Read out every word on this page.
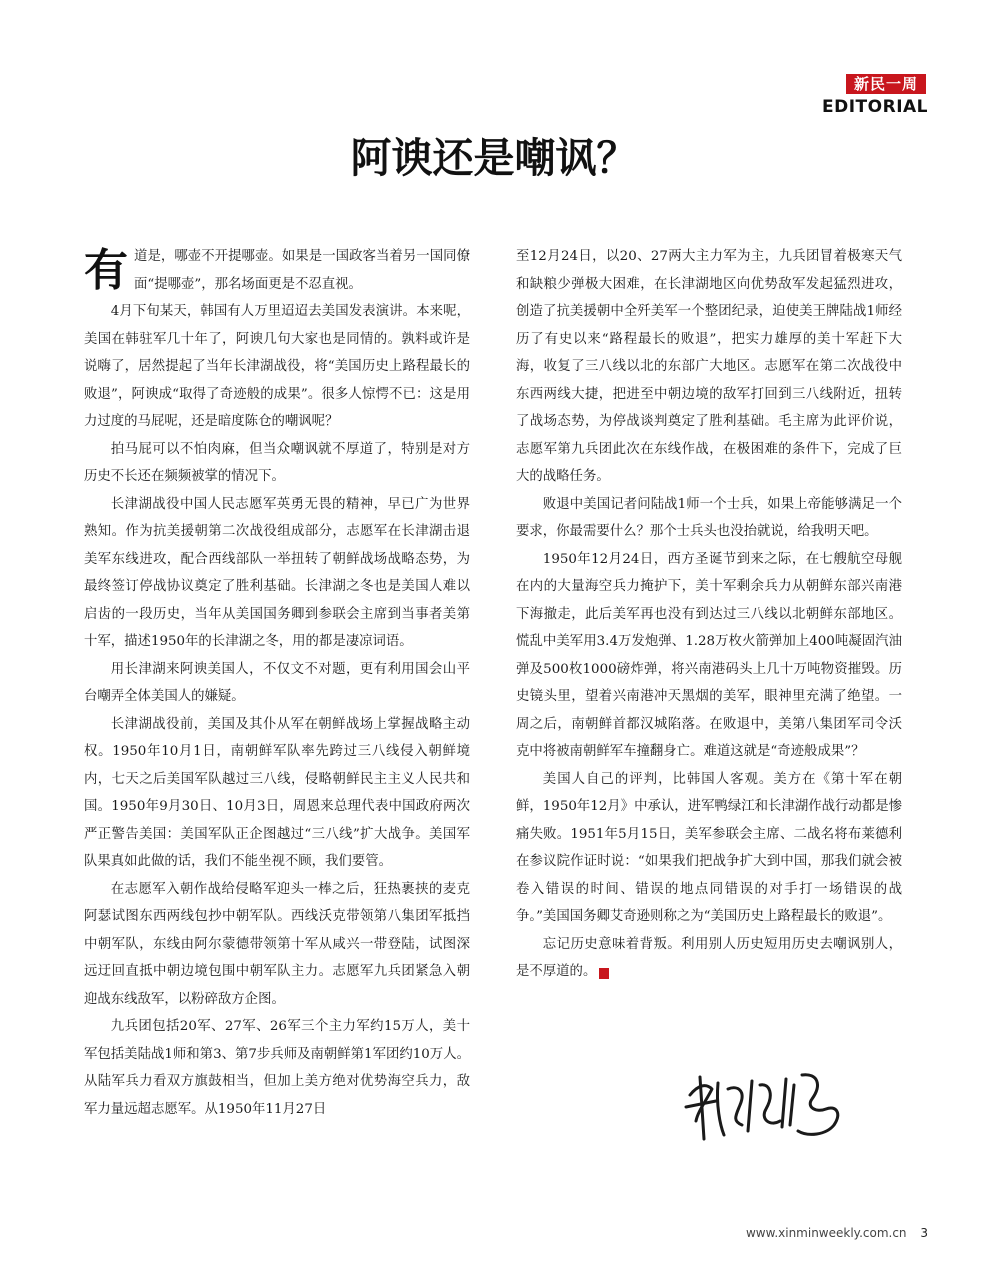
新民一周
EDITORIAL
阿谀还是嘲讽？

有道是，哪壶不开提哪壶。如果是一国政客当着另一国同僚面“提哪壶”，那名场面更是不忍直视。

4月下旬某天，韩国有人万里迢迢去美国发表演讲。本来呢，美国在韩驻军几十年了，阿谀几句大家也是同情的。孰料或许是说嗨了，居然提起了当年长津湖战役，将“美国历史上路程最长的败退”，阿谀成“取得了奇迹般的成果”。很多人惊愕不已：这是用力过度的马屁呢，还是暗度陈仓的嘲讽呢？

拍马屁可以不怕肉麻，但当众嘲讽就不厚道了，特别是对方历史不长还在频频被掌的情况下。

长津湖战役中国人民志愿军英勇无畏的精神，早已广为世界熟知。作为抗美援朝第二次战役组成部分，志愿军在长津湖击退美军东线进攻，配合西线部队一举扭转了朝鲜战场战略态势，为最终签订停战协议奠定了胜利基础。长津湖之冬也是美国人难以启齿的一段历史，当年从美国国务卿到参联会主席到当事者美第十军，描述1950年的长津湖之冬，用的都是凄凉词语。

用长津湖来阿谀美国人，不仅文不对题，更有利用国会山平台嘲弄全体美国人的嫌疑。

长津湖战役前，美国及其仆从军在朝鲜战场上掌握战略主动权。1950年10月1日，南朝鲜军队率先跨过三八线侵入朝鲜境内，七天之后美国军队越过三八线，侵略朝鲜民主主义人民共和国。1950年9月30日、10月3日，周恩来总理代表中国政府两次严正警告美国：美国军队正企图越过“三八线”扩大战争。美国军队果真如此做的话，我们不能坐视不顾，我们要管。

在志愿军入朝作战给侵略军迎头一棒之后，狂热裹挟的麦克阿瑟试图东西两线包抄中朝军队。西线沃克带领第八集团军抵挡中朝军队，东线由阿尔蒙德带领第十军从咸兴一带登陆，试图深远迂回直抵中朝边境包围中朝军队主力。志愿军九兵团紧急入朝迎战东线敌军，以粉碎敌方企图。

九兵团包括20军、27军、26军三个主力军约15万人，美十军包括美陆战1师和第3、第7步兵师及南朝鲜第1军团约10万人。从陆军兵力看双方旗鼓相当，但加上美方绝对优势海空兵力，敌军力量远超志愿军。从1950年11月27日

至12月24日，以20、27两大主力军为主，九兵团冒着极寒天气和缺粮少弹极大困难，在长津湖地区向优势敌军发起猛烈进攻，创造了抗美援朝中全歼美军一个整团纪录，迫使美王牌陆战1师经历了有史以来“路程最长的败退”，把实力雄厚的美十军赶下大海，收复了三八线以北的东部广大地区。志愿军在第二次战役中东西两线大捷，把进至中朝边境的敌军打回到三八线附近，扭转了战场态势，为停战谈判奠定了胜利基础。毛主席为此评价说，志愿军第九兵团此次在东线作战，在极困难的条件下，完成了巨大的战略任务。

败退中美国记者问陆战1师一个士兵，如果上帝能够满足一个要求，你最需要什么？那个士兵头也没抬就说，给我明天吧。

1950年12月24日，西方圣诞节到来之际，在七艘航空母舰在内的大量海空兵力掩护下，美十军剩余兵力从朝鲜东部兴南港下海撤走，此后美军再也没有到达过三八线以北朝鲜东部地区。慌乱中美军用3.4万发炮弹、1.28万枚火箭弹加上400吨凝固汽油弹及500枚1000磅炸弹，将兴南港码头上几十万吨物资摧毁。历史镜头里，望着兴南港冲天黑烟的美军，眼神里充满了绝望。一周之后，南朝鲜首都汉城陷落。在败退中，美第八集团军司令沃克中将被南朝鲜军车撞翻身亡。难道这就是“奇迹般成果”？

美国人自己的评判，比韩国人客观。美方在《第十军在朝鲜，1950年12月》中承认，进军鸭绿江和长津湖作战行动都是惨痛失败。1951年5月15日，美军参联会主席、二战名将布莱德利在参议院作证时说：“如果我们把战争扩大到中国，那我们就会被卷入错误的时间、错误的地点同错误的对手打一场错误的战争。”美国国务卿艾奇逊则称之为“美国历史上路程最长的败退”。

忘记历史意味着背叛。利用别人历史短用历史去嘲讽别人，是不厚道的。	民

www.xinminweekly.com.cn 3
